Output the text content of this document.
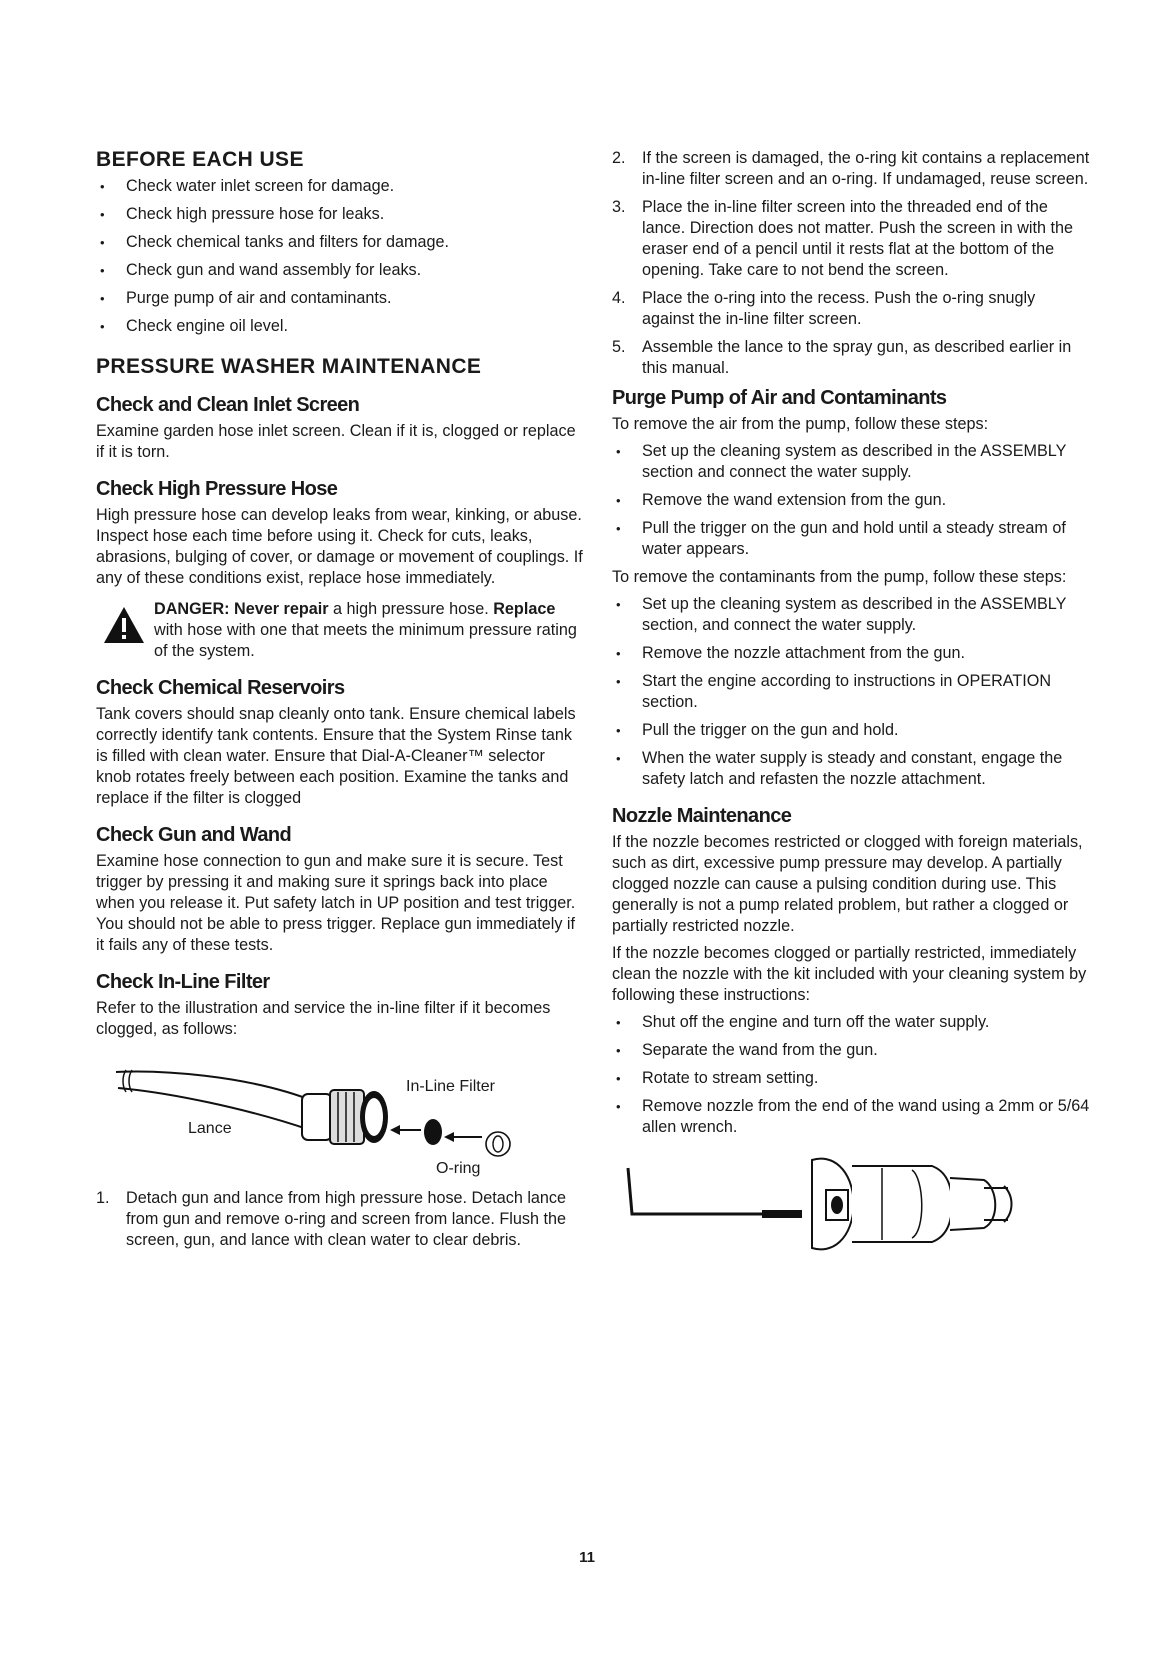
BEFORE EACH USE
• Check water inlet screen for damage.
• Check high pressure hose for leaks.
• Check chemical tanks and filters for damage.
• Check gun and wand assembly for leaks.
• Purge pump of air and contaminants.
• Check engine oil level.
PRESSURE WASHER MAINTENANCE
Check and Clean Inlet Screen

Examine garden hose inlet screen. Clean if it is, clogged or replace if it is torn.

Check High Pressure Hose

High pressure hose can develop leaks from wear, kinking, or abuse. Inspect hose each time before using it. Check for cuts, leaks, abrasions, bulging of cover, or damage or movement of couplings. If any of these conditions exist, replace hose immediately.

DANGER: Never repair a high pressure hose. Replace with hose with one that meets the minimum pressure rating of the system.

Check Chemical Reservoirs

Tank covers should snap cleanly onto tank. Ensure chemical labels correctly identify tank contents. Ensure that the System Rinse tank is filled with clean water. Ensure that Dial-A-Cleaner™ selector knob rotates freely between each position. Examine the tanks and replace if the filter is clogged

Check Gun and Wand

Examine hose connection to gun and make sure it is secure. Test trigger by pressing it and making sure it springs back into place when you release it. Put safety latch in UP position and test trigger. You should not be able to press trigger. Replace gun immediately if it fails any of these tests.

Check In-Line Filter

Refer to the illustration and service the in-line filter if it becomes clogged, as follows:

In-Line Filter
Lance
O-ring
1. Detach gun and lance from high pressure hose. Detach lance from gun and remove o-ring and screen from lance. Flush the screen, gun, and lance with clean water to clear debris.
2. If the screen is damaged, the o-ring kit contains a replacement in-line filter screen and an o-ring. If undamaged, reuse screen.
3. Place the in-line filter screen into the threaded end of the lance. Direction does not matter. Push the screen in with the eraser end of a pencil until it rests flat at the bottom of the opening. Take care to not bend the screen.
4. Place the o-ring into the recess. Push the o-ring snugly against the in-line filter screen.
5. Assemble the lance to the spray gun, as described earlier in this manual.
Purge Pump of Air and Contaminants

To remove the air from the pump, follow these steps:

• Set up the cleaning system as described in the ASSEMBLY section and connect the water supply.
• Remove the wand extension from the gun.
• Pull the trigger on the gun and hold until a steady stream of water appears.

To remove the contaminants from the pump, follow these steps:

• Set up the cleaning system as described in the ASSEMBLY section, and connect the water supply.
• Remove the nozzle attachment from the gun.
• Start the engine according to instructions in OPERATION section.
• Pull the trigger on the gun and hold.
• When the water supply is steady and constant, engage the safety latch and refasten the nozzle attachment.
Nozzle Maintenance

If the nozzle becomes restricted or clogged with foreign materials, such as dirt, excessive pump pressure may develop. A partially clogged nozzle can cause a pulsing condition during use. This generally is not a pump related problem, but rather a clogged or partially restricted nozzle.

If the nozzle becomes clogged or partially restricted, immediately clean the nozzle with the kit included with your cleaning system by following these instructions:

• Shut off the engine and turn off the water supply.
• Separate the wand from the gun.
• Rotate to stream setting.
• Remove nozzle from the end of the wand using a 2mm or 5/64 allen wrench.
11
